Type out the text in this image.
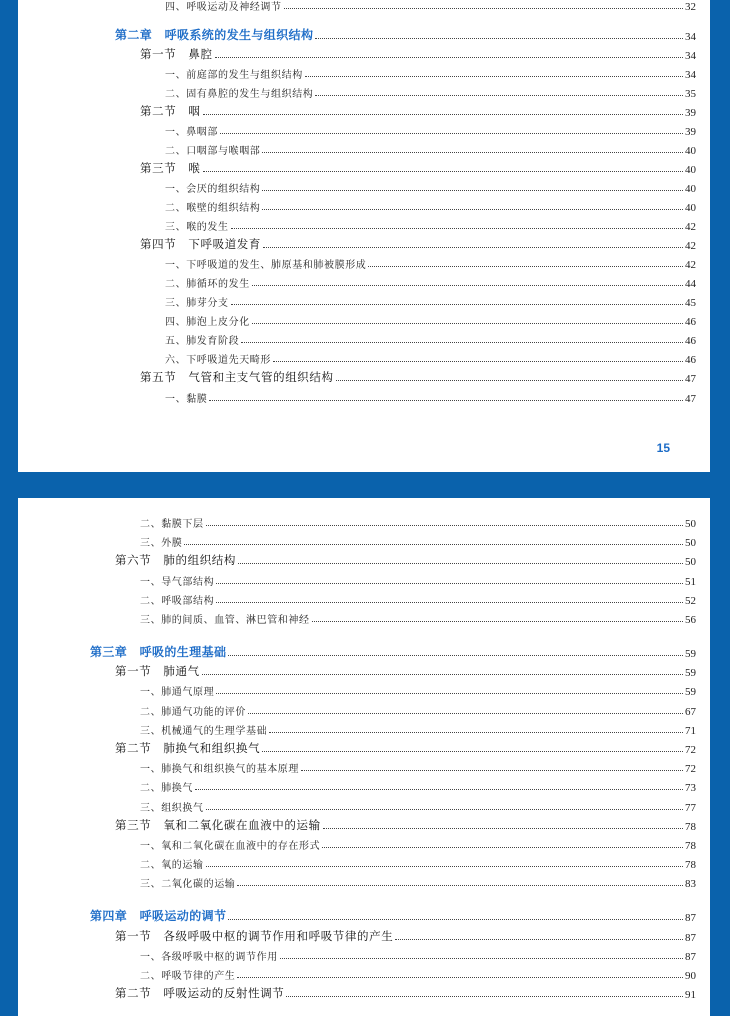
四、呼吸运动及神经调节	32
第二章　呼吸系统的发生与组织结构	34
第一节　鼻腔	34
一、前庭部的发生与组织结构	34
二、固有鼻腔的发生与组织结构	35
第二节　咽	39
一、鼻咽部	39
二、口咽部与喉咽部	40
第三节　喉	40
一、会厌的组织结构	40
二、喉壁的组织结构	40
三、喉的发生	42
第四节　下呼吸道发育	42
一、下呼吸道的发生、肺原基和肺被膜形成	42
二、肺循环的发生	44
三、肺芽分支	45
四、肺泡上皮分化	46
五、肺发育阶段	46
六、下呼吸道先天畸形	46
第五节　气管和主支气管的组织结构	47
一、黏膜	47
15
二、黏膜下层	50
三、外膜	50
第六节　肺的组织结构	50
一、导气部结构	51
二、呼吸部结构	52
三、肺的间质、血管、淋巴管和神经	56
第三章　呼吸的生理基础	59
第一节　肺通气	59
一、肺通气原理	59
二、肺通气功能的评价	67
三、机械通气的生理学基础	71
第二节　肺换气和组织换气	72
一、肺换气和组织换气的基本原理	72
二、肺换气	73
三、组织换气	77
第三节　氧和二氧化碳在血液中的运输	78
一、氧和二氧化碳在血液中的存在形式	78
二、氧的运输	78
三、二氧化碳的运输	83
第四章　呼吸运动的调节	87
第一节　各级呼吸中枢的调节作用和呼吸节律的产生	87
一、各级呼吸中枢的调节作用	87
二、呼吸节律的产生	90
第二节　呼吸运动的反射性调节	91
